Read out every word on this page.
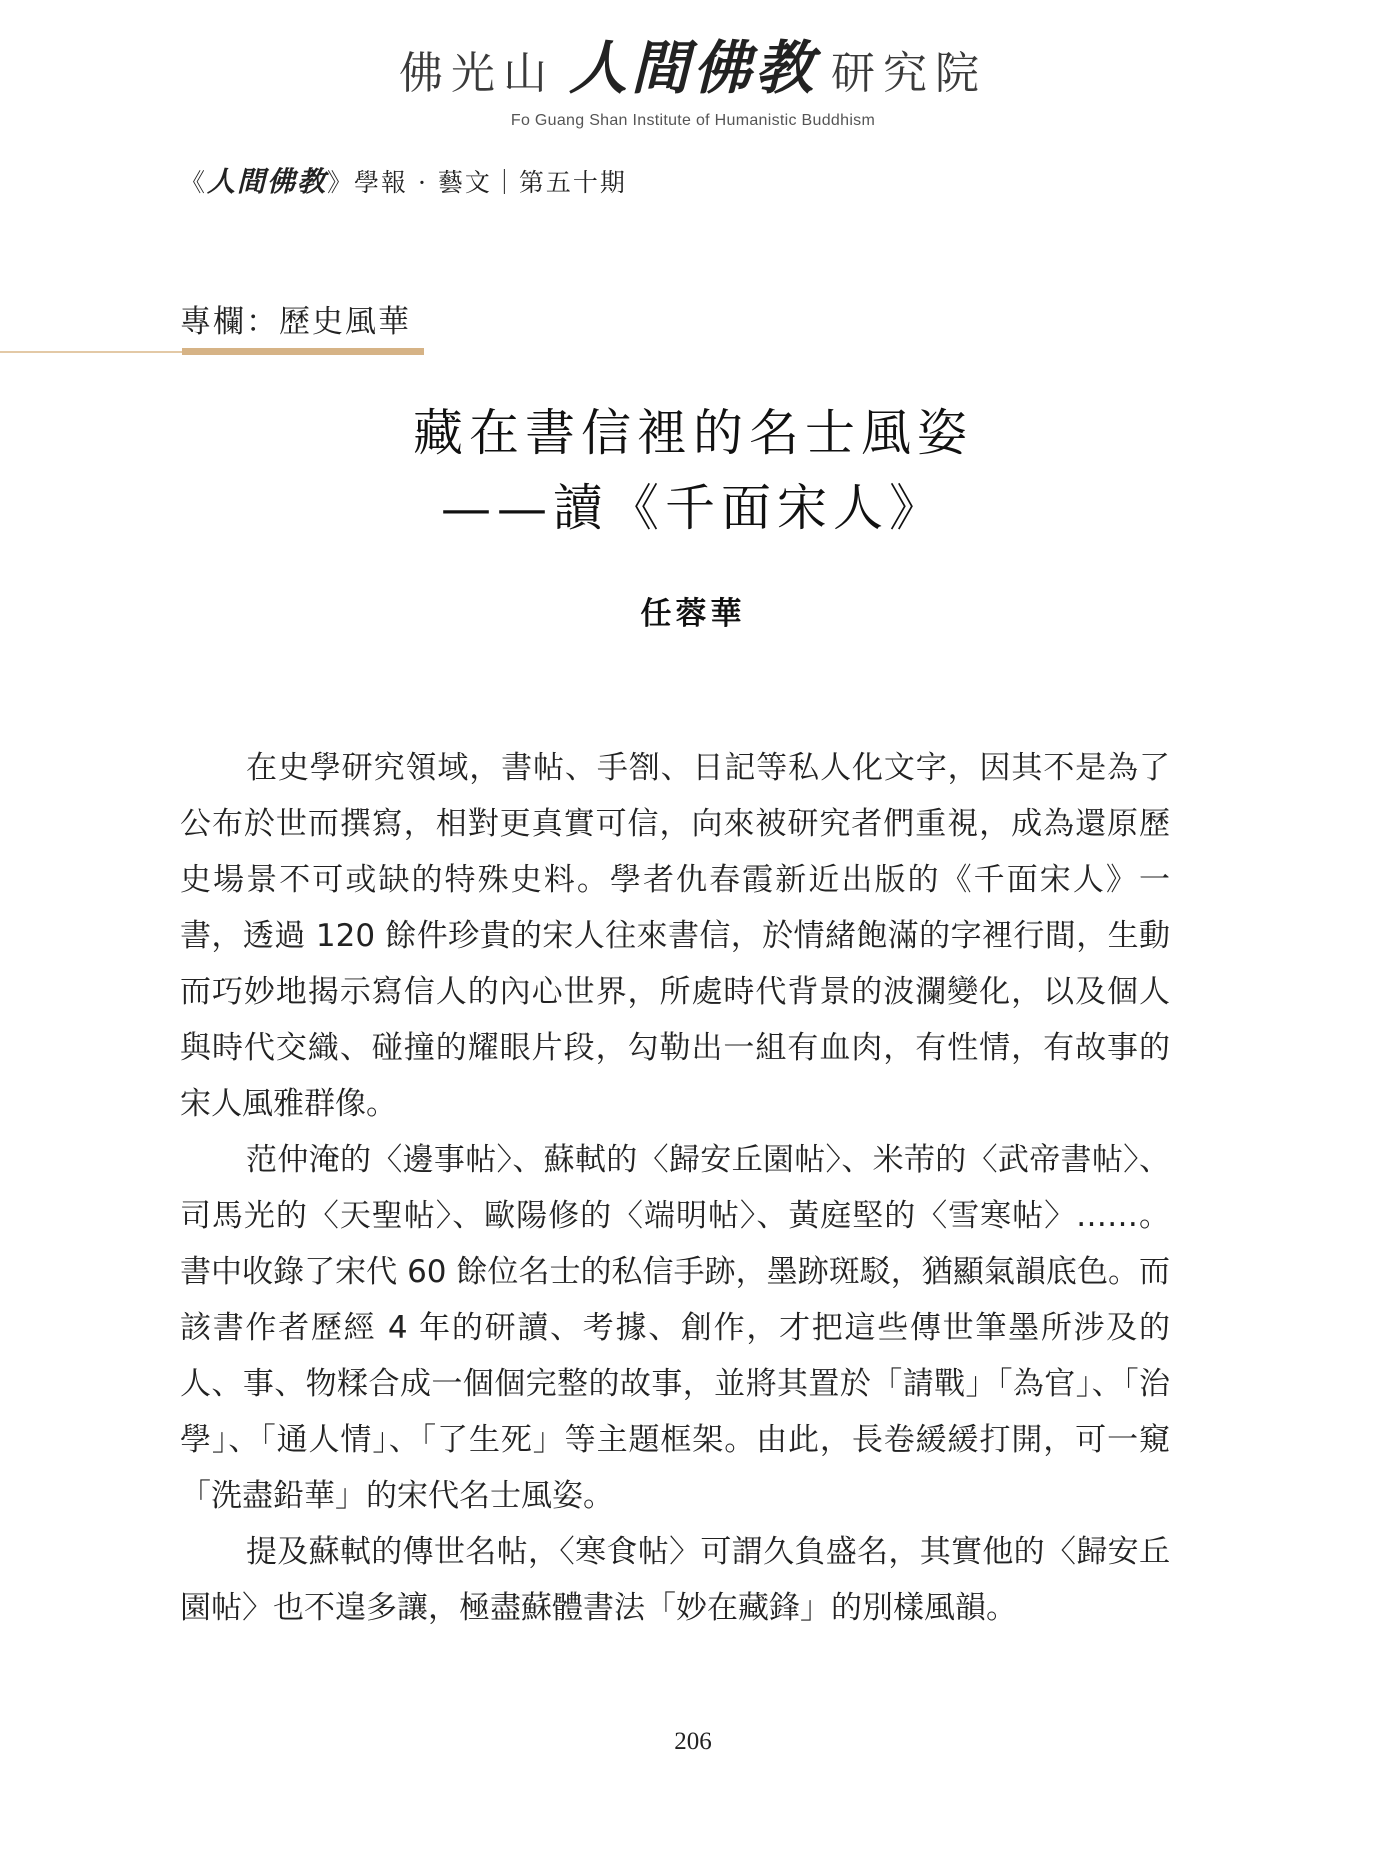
佛光山 人間佛教 研究院
Fo Guang Shan Institute of Humanistic Buddhism
《人間佛教》學報 · 藝文｜第五十期
專欄：歷史風華
藏在書信裡的名士風姿
——讀《千面宋人》
任蓉華

在史學研究領域，書帖、手劄、日記等私人化文字，因其不是為了公布於世而撰寫，相對更真實可信，向來被研究者們重視，成為還原歷史場景不可或缺的特殊史料。學者仇春霞新近出版的《千面宋人》一書，透過 120 餘件珍貴的宋人往來書信，於情緒飽滿的字裡行間，生動而巧妙地揭示寫信人的內心世界，所處時代背景的波瀾變化，以及個人與時代交織、碰撞的耀眼片段，勾勒出一組有血肉，有性情，有故事的宋人風雅群像。

范仲淹的〈邊事帖〉、蘇軾的〈歸安丘園帖〉、米芾的〈武帝書帖〉、司馬光的〈天聖帖〉、歐陽修的〈端明帖〉、黃庭堅的〈雪寒帖〉……。書中收錄了宋代 60 餘位名士的私信手跡，墨跡斑駁，猶顯氣韻底色。而該書作者歷經 4 年的研讀、考據、創作，才把這些傳世筆墨所涉及的人、事、物糅合成一個個完整的故事，並將其置於「請戰」「為官」、「治學」、「通人情」、「了生死」等主題框架。由此，長卷緩緩打開，可一窺「洗盡鉛華」的宋代名士風姿。

提及蘇軾的傳世名帖，〈寒食帖〉可謂久負盛名，其實他的〈歸安丘園帖〉也不遑多讓，極盡蘇體書法「妙在藏鋒」的別樣風韻。

206
